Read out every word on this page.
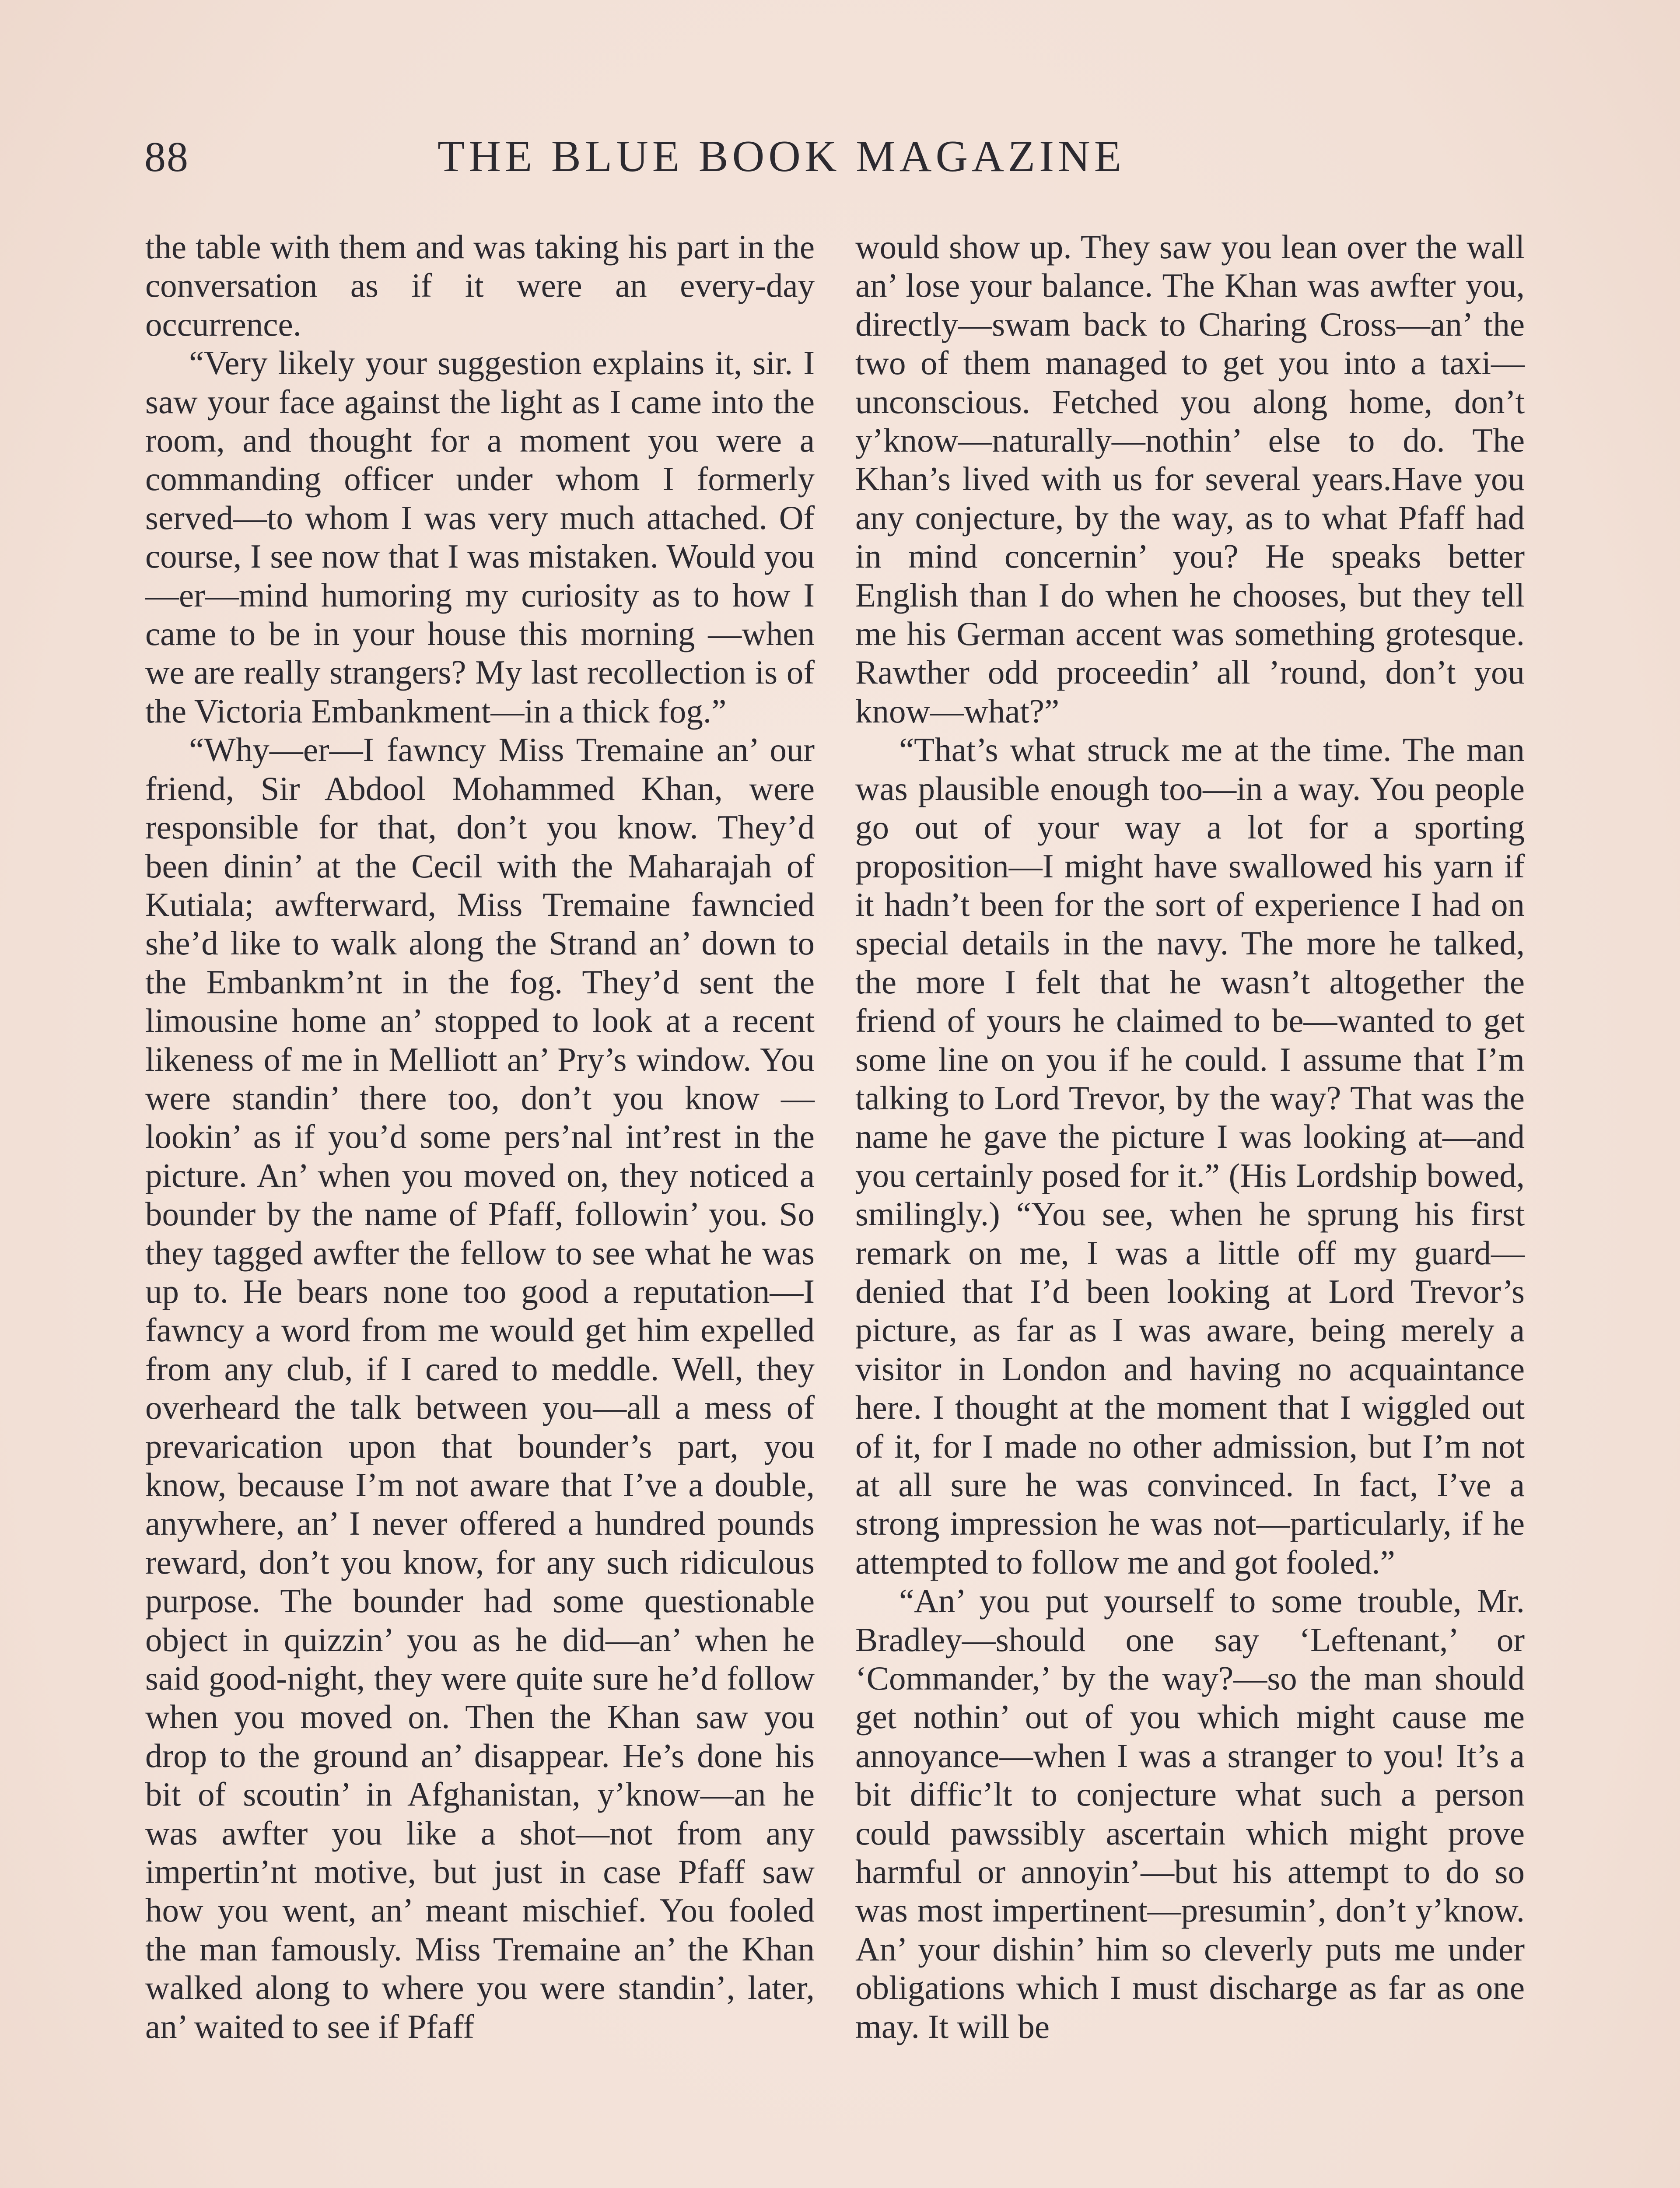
88	THE BLUE BOOK MAGAZINE

the table with them and was taking his part in the conversation as if it were an every-day occurrence.

“Very likely your suggestion explains it, sir. I saw your face against the light as I came into the room, and thought for a moment you were a commanding officer under whom I formerly served—to whom I was very much attached. Of course, I see now that I was mistaken. Would you—er—mind humoring my curiosity as to how I came to be in your house this morning —when we are really strangers? My last recollection is of the Victoria Embankment—in a thick fog.”

“Why—er—I fawncy Miss Tremaine an’ our friend, Sir Abdool Mohammed Khan, were responsible for that, don’t you know. They’d been dinin’ at the Cecil with the Maharajah of Kutiala; awfterward, Miss Tremaine fawncied she’d like to walk along the Strand an’ down to the Embankm’nt in the fog. They’d sent the limousine home an’ stopped to look at a recent likeness of me in Melliott an’ Pry’s window. You were standin’ there too, don’t you know —lookin’ as if you’d some pers’nal int’rest in the picture. An’ when you moved on, they noticed a bounder by the name of Pfaff, followin’ you. So they tagged awfter the fellow to see what he was up to. He bears none too good a reputation—I fawncy a word from me would get him expelled from any club, if I cared to meddle. Well, they overheard the talk between you—all a mess of prevarication upon that bounder’s part, you know, because I’m not aware that I’ve a double, anywhere, an’ I never offered a hundred pounds reward, don’t you know, for any such ridiculous purpose. The bounder had some questionable object in quizzin’ you as he did—an’ when he said good-night, they were quite sure he’d follow when you moved on. Then the Khan saw you drop to the ground an’ disappear. He’s done his bit of scoutin’ in Afghanistan, y’know—an he was awfter you like a shot—not from any impertin’nt motive, but just in case Pfaff saw how you went, an’ meant mischief. You fooled the man famously. Miss Tremaine an’ the Khan walked along to where you were standin’, later, an’ waited to see if Pfaff

would show up. They saw you lean over the wall an’ lose your balance. The Khan was awfter you, directly—swam back to Charing Cross—an’ the two of them managed to get you into a taxi—unconscious. Fetched you along home, don’t y’know—naturally—nothin’ else to do. The Khan’s lived with us for several years.Have you any conjecture, by the way, as to what Pfaff had in mind concernin’ you? He speaks better English than I do when he chooses, but they tell me his German accent was something grotesque. Rawther odd proceedin’ all ’round, don’t you know—what?”

“That’s what struck me at the time. The man was plausible enough too—in a way. You people go out of your way a lot for a sporting proposition—I might have swallowed his yarn if it hadn’t been for the sort of experience I had on special details in the navy. The more he talked, the more I felt that he wasn’t altogether the friend of yours he claimed to be—wanted to get some line on you if he could. I assume that I’m talking to Lord Trevor, by the way? That was the name he gave the picture I was looking at—and you certainly posed for it.” (His Lordship bowed, smilingly.) “You see, when he sprung his first remark on me, I was a little off my guard—denied that I’d been looking at Lord Trevor’s picture, as far as I was aware, being merely a visitor in London and having no acquaintance here. I thought at the moment that I wiggled out of it, for I made no other admission, but I’m not at all sure he was convinced. In fact, I’ve a strong impression he was not—particularly, if he attempted to follow me and got fooled.”

“An’ you put yourself to some trouble, Mr. Bradley—should one say ‘Leftenant,’ or ‘Commander,’ by the way?—so the man should get nothin’ out of you which might cause me annoyance—when I was a stranger to you! It’s a bit diffic’lt to conjecture what such a person could pawssibly ascertain which might prove harmful or annoyin’—but his attempt to do so was most impertinent—presumin’, don’t y’know. An’ your dishin’ him so cleverly puts me under obligations which I must discharge as far as one may. It will be
